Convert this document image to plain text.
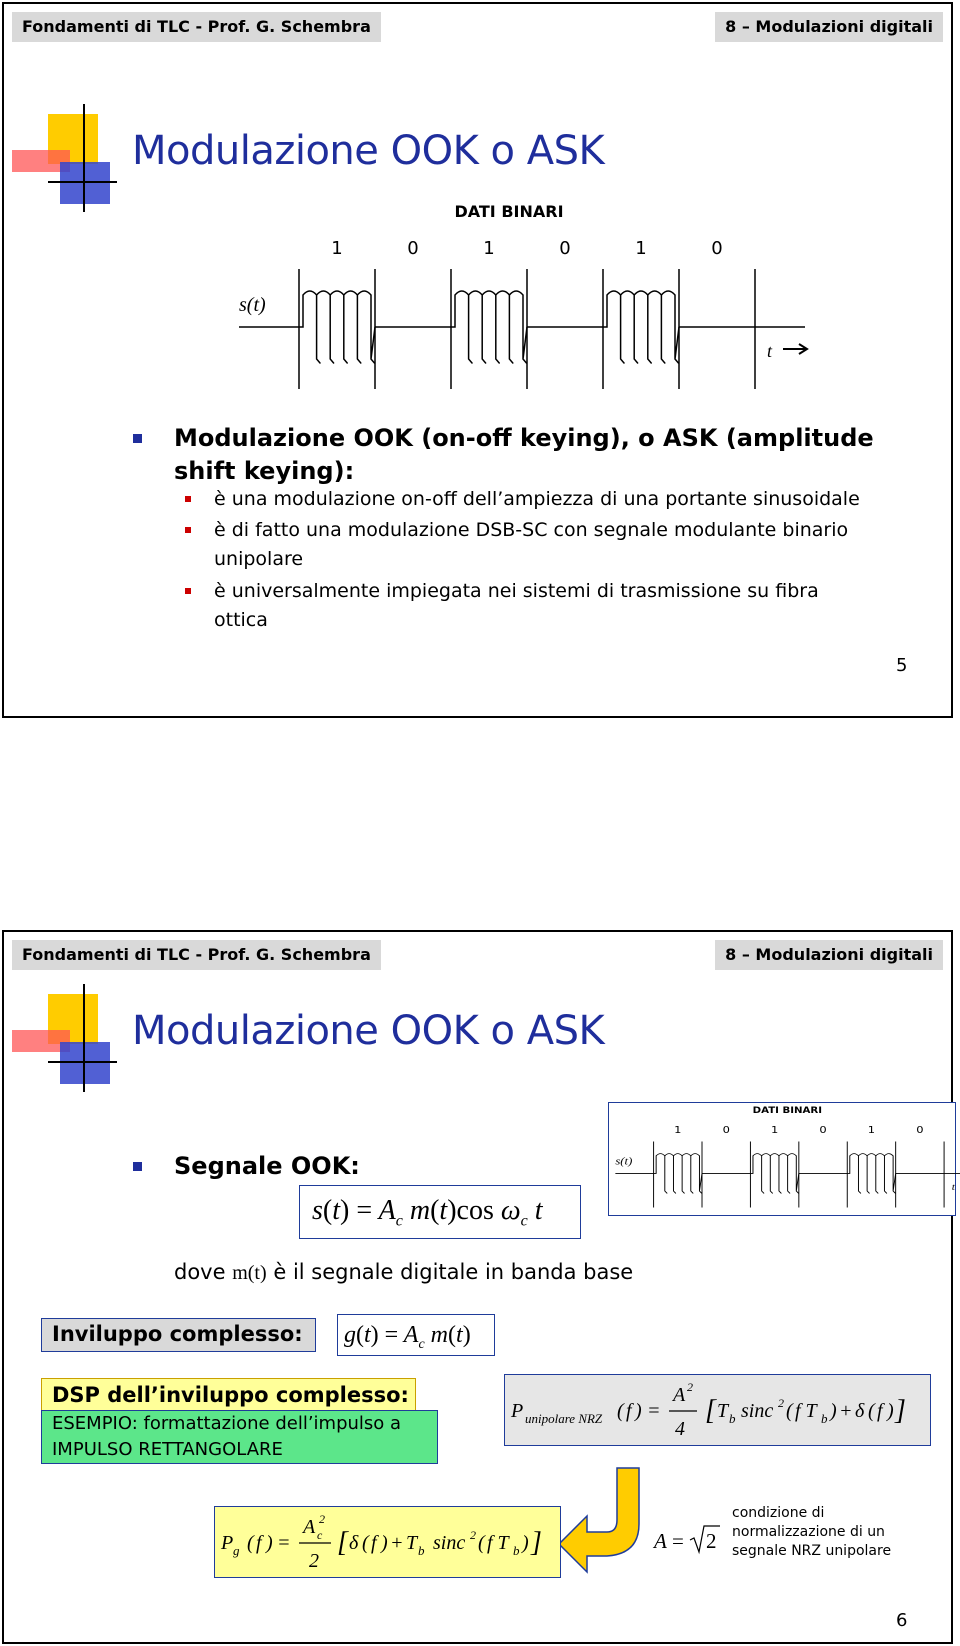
Fondamenti di TLC - Prof. G. Schembra	8 – Modulazioni digitali
Modulazione OOK o ASK
DATI BINARI
s(t)
1	0	1	0	1	0
t
Modulazione OOK (on-off keying), o ASK (amplitude
shift keying):
è una modulazione on-off dell’ampiezza di una portante sinusoidale
è di fatto una modulazione DSB-SC con segnale modulante binario
unipolare
è universalmente impiegata nei sistemi di trasmissione su fibra
ottica
5
Fondamenti di TLC - Prof. G. Schembra	8 – Modulazioni digitali
Modulazione OOK o ASK
DATI BINARI
s(t)
1 0 1 0 1 0
t
Segnale OOK:
$s(t) = A_c$ m(t)cos $\omega_c$ t
dove m(t) è il segnale digitale in banda base
Inviluppo complesso:	$g(t) = A_c$ m(t)
DSP dell’inviluppo complesso:
ESEMPIO: formattazione dell’impulso a
IMPULSO RETTANGOLARE
P unipolare NRZ ( f ) =
A 2
4
[ T b sinc 2 ( f T b ) + δ ( f ) ]
P g ( f ) =
A c
2
2
[ δ ( f ) + T b sinc 2 ( f T b ) ]	A = 2
condizione di
normalizzazione di un
segnale NRZ unipolare
6
